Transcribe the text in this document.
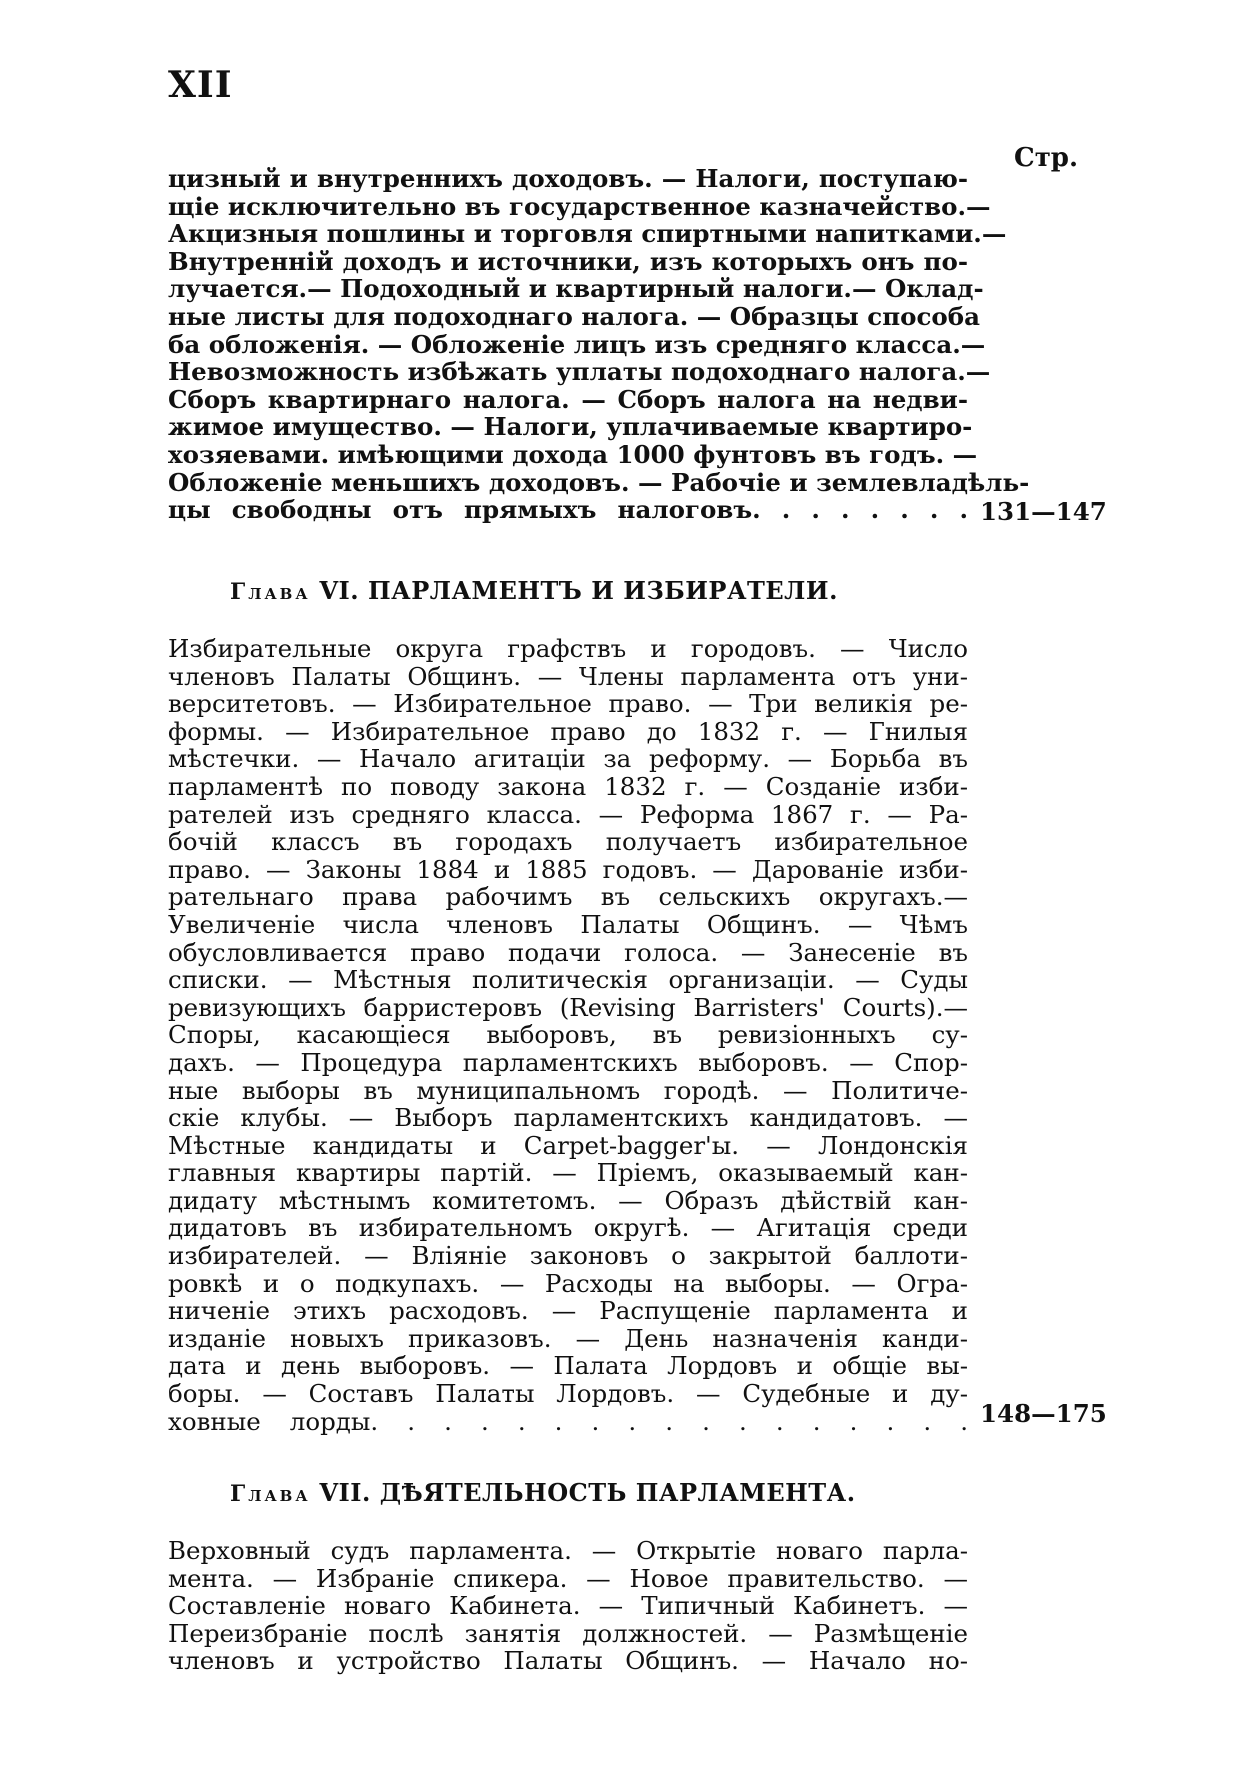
XII
Стр.
цизный и внутреннихъ доходовъ. — Налоги, поступаю-
щіе исключительно въ государственное казначейство.—
Акцизныя пошлины и торговля спиртными напитками.—
Внутренній доходъ и источники, изъ которыхъ онъ по-
лучается.— Подоходный и квартирный налоги.— Оклад-
ные листы для подоходнаго налога. — Образцы способа
ба обложенія. — Обложеніе лицъ изъ средняго класса.—
Невозможность избѣжать уплаты подоходнаго налога.—
Сборъ квартирнаго налога. — Сборъ налога на недви-
жимое имущество. — Налоги, уплачиваемые квартиро-
хозяевами. имѣющими дохода 1000 фунтовъ въ годъ. —
Обложеніе меньшихъ доходовъ. — Рабочіе и землевладѣль-
цы свободны отъ прямыхъ налоговъ. . . . . . . . 131—147
Глава VI. ПАРЛАМЕНТЪ И ИЗБИРАТЕЛИ.
Избирательные округа графствъ и городовъ. — Число
членовъ Палаты Общинъ. — Члены парламента отъ уни-
верситетовъ. — Избирательное право. — Три великія ре-
формы. — Избирательное право до 1832 г. — Гнилыя
мѣстечки. — Начало агитаціи за реформу. — Борьба въ
парламентѣ по поводу закона 1832 г. — Созданіе изби-
рателей изъ средняго класса. — Реформа 1867 г. — Ра-
бочій классъ въ городахъ получаетъ избирательное
право. — Законы 1884 и 1885 годовъ. — Дарованіе изби-
рательнаго права рабочимъ въ сельскихъ округахъ.—
Увеличеніе числа членовъ Палаты Общинъ. — Чѣмъ
обусловливается право подачи голоса. — Занесеніе въ
списки. — Мѣстныя политическія организаціи. — Суды
ревизующихъ барристеровъ (Revising Barristers' Courts).—
Споры, касающіеся выборовъ, въ ревизіонныхъ су-
дахъ. — Процедура парламентскихъ выборовъ. — Спор-
ные выборы въ муниципальномъ городѣ. — Политиче-
скіе клубы. — Выборъ парламентскихъ кандидатовъ. —
Мѣстные кандидаты и Carpet-bagger'ы. — Лондонскія
главныя квартиры партій. — Пріемъ, оказываемый кан-
дидату мѣстнымъ комитетомъ. — Образъ дѣйствій кан-
дидатовъ въ избирательномъ округѣ. — Агитація среди
избирателей. — Вліяніе законовъ о закрытой баллоти-
ровкѣ и о подкупахъ. — Расходы на выборы. — Огра-
ниченіе этихъ расходовъ. — Распущеніе парламента и
изданіе новыхъ приказовъ. — День назначенія канди-
дата и день выборовъ. — Палата Лордовъ и общіе вы-
боры. — Составъ Палаты Лордовъ. — Судебные и ду-
ховные лорды. . . . . . . . . . . . . . . . . 148—175
Глава VII. ДѢЯТЕЛЬНОСТЬ ПАРЛАМЕНТА.
Верховный судъ парламента. — Открытіе новаго парла-
мента. — Избраніе спикера. — Новое правительство. —
Составленіе новаго Кабинета. — Типичный Кабинетъ. —
Переизбраніе послѣ занятія должностей. — Размѣщеніе
членовъ и устройство Палаты Общинъ. — Начало но-
